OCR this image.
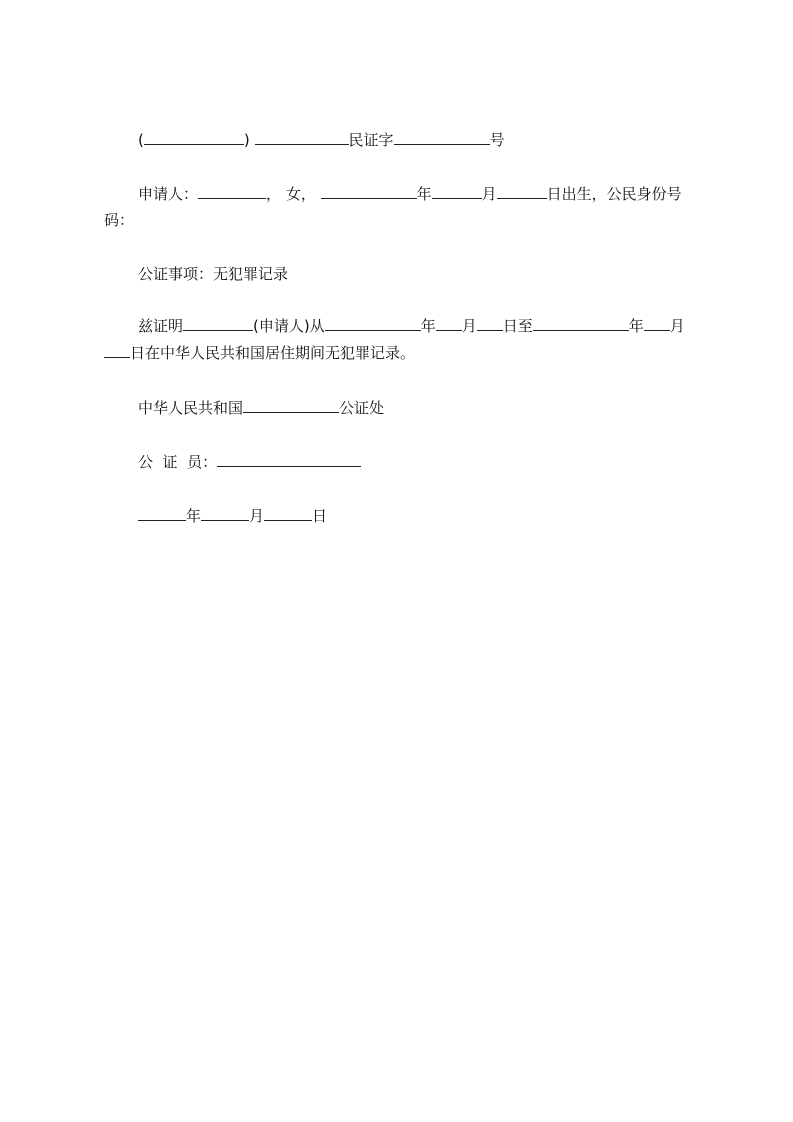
(	)	民证字	号
申请人：	， 女，	年	月	日出生，公民身份号
码：
公证事项：无犯罪记录
兹证明	(申请人)从	年 月 日至	年 月
日在中华人民共和国居住期间无犯罪记录。
中华人民共和国	公证处
公  证  员：
年	月	日
